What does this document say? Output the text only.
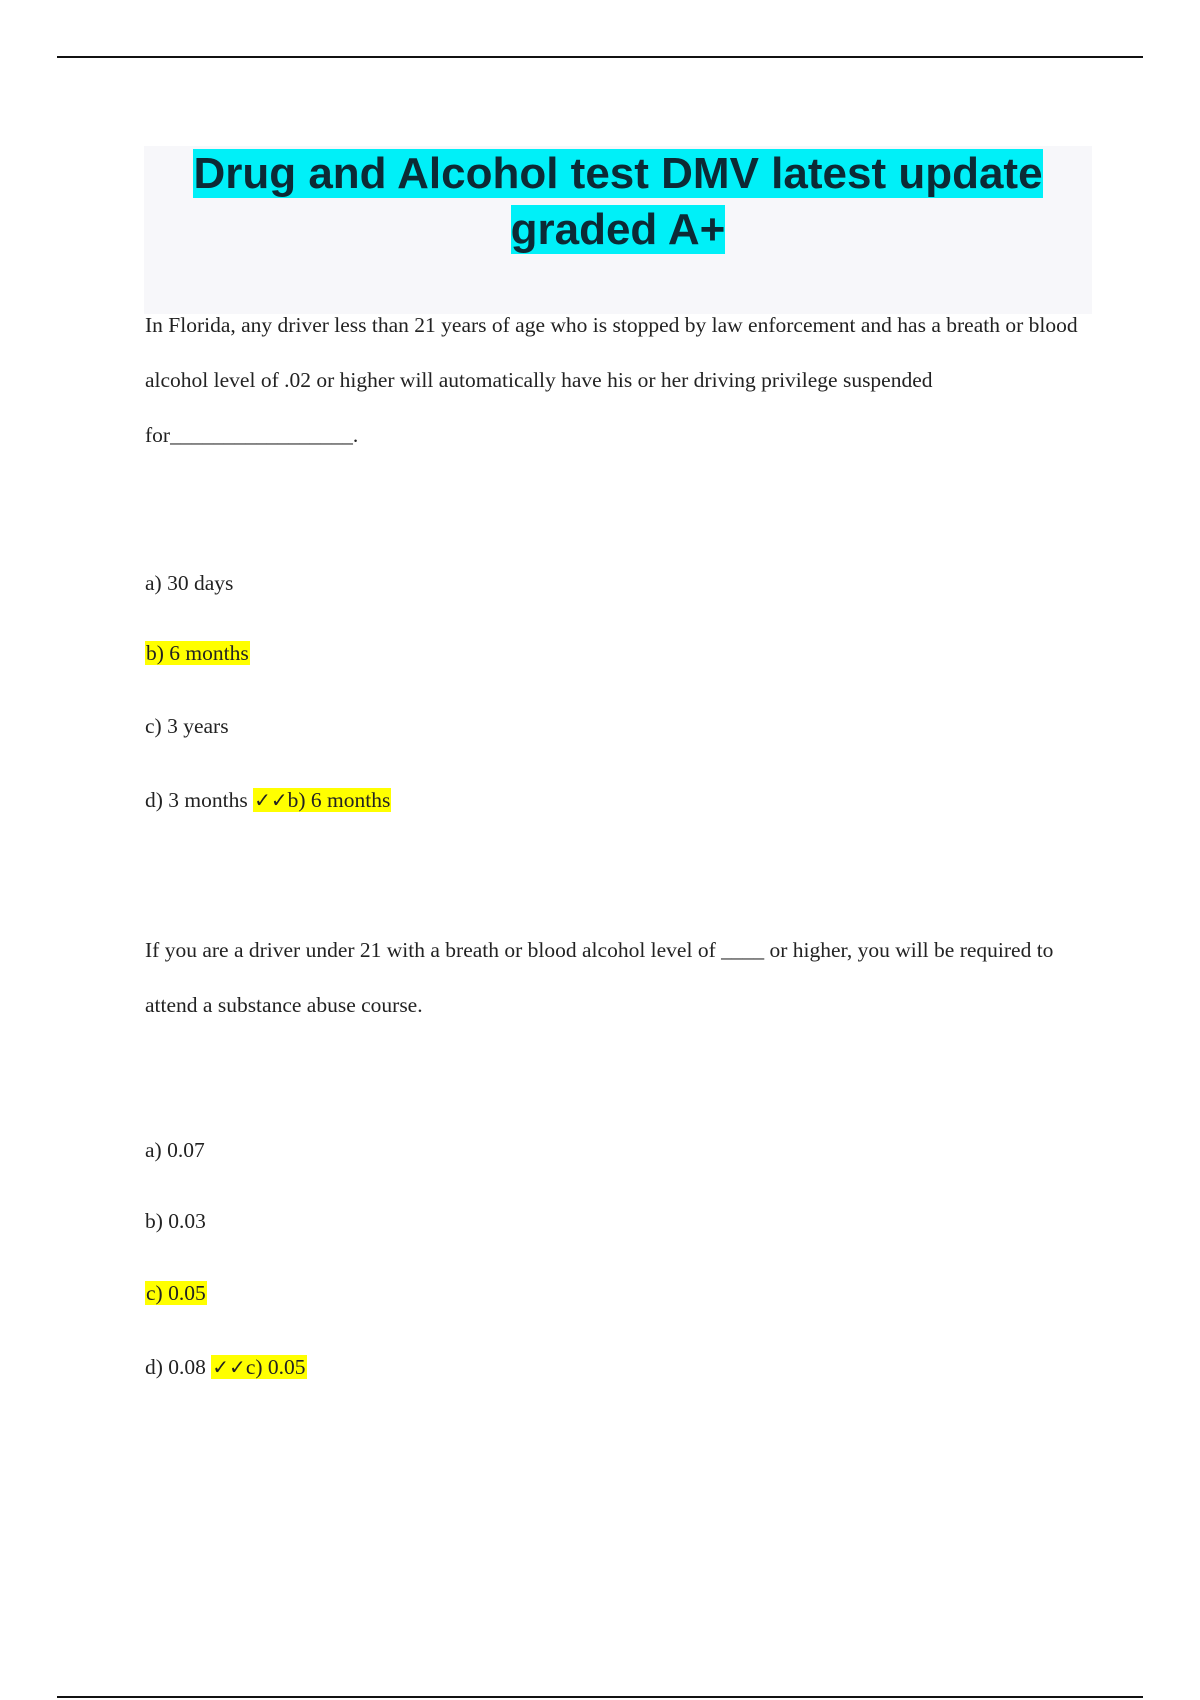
Drug and Alcohol test DMV latest update graded A+

In Florida, any driver less than 21 years of age who is stopped by law enforcement and has a breath or blood alcohol level of .02 or higher will automatically have his or her driving privilege suspended for_________________.

a) 30 days
b) 6 months
c) 3 years
d) 3 months ✓✓b) 6 months

If you are a driver under 21 with a breath or blood alcohol level of ____ or higher, you will be required to attend a substance abuse course.

a) 0.07
b) 0.03
c) 0.05
d) 0.08 ✓✓c) 0.05
